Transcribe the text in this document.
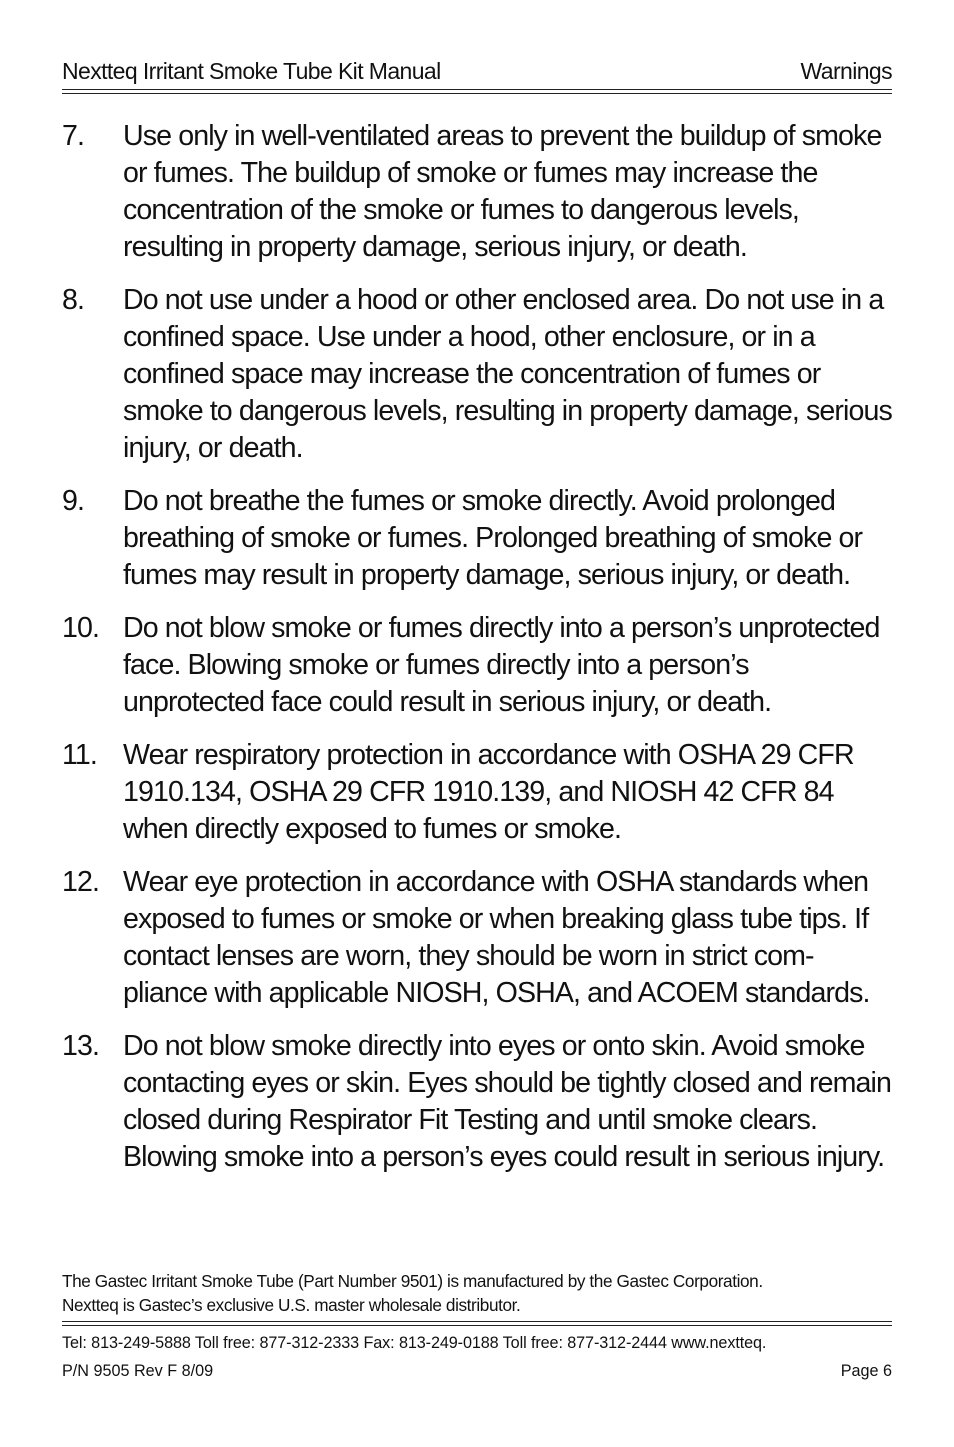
Nextteq Irritant Smoke Tube Kit Manual	Warnings
7.	Use only in well-ventilated areas to prevent the buildup of smoke or fumes. The buildup of smoke or fumes may increase the concentration of the smoke or fumes to dangerous levels, resulting in property damage, serious injury, or death.
8.	Do not use under a hood or other enclosed area. Do not use in a confined space. Use under a hood, other enclosure, or in a confined space may increase the concentration of fumes or smoke to dangerous levels, resulting in property damage, serious injury, or death.
9.	Do not breathe the fumes or smoke directly. Avoid prolonged breathing of smoke or fumes. Prolonged breathing of smoke or fumes may result in property damage, serious injury, or death.
10. Do not blow smoke or fumes directly into a person’s unprotected face. Blowing smoke or fumes directly into a person’s unprotected face could result in serious injury, or death.
11. Wear respiratory protection in accordance with OSHA 29 CFR 1910.134, OSHA 29 CFR 1910.139, and NIOSH 42 CFR 84 when directly exposed to fumes or smoke.
12. Wear eye protection in accordance with OSHA standards when exposed to fumes or smoke or when breaking glass tube tips. If contact lenses are worn, they should be worn in strict com-pliance with applicable NIOSH, OSHA, and ACOEM standards.
13. Do not blow smoke directly into eyes or onto skin. Avoid smoke contacting eyes or skin. Eyes should be tightly closed and remain closed during Respirator Fit Testing and until smoke clears. Blowing smoke into a person’s eyes could result in serious injury.
The Gastec Irritant Smoke Tube (Part Number 9501) is manufactured by the Gastec Corporation.
Nextteq is Gastec’s exclusive U.S. master wholesale distributor.
Tel: 813-249-5888 Toll free: 877-312-2333 Fax: 813-249-0188 Toll free: 877-312-2444 www.nextteq.
P/N 9505 Rev F 8/09	Page 6
